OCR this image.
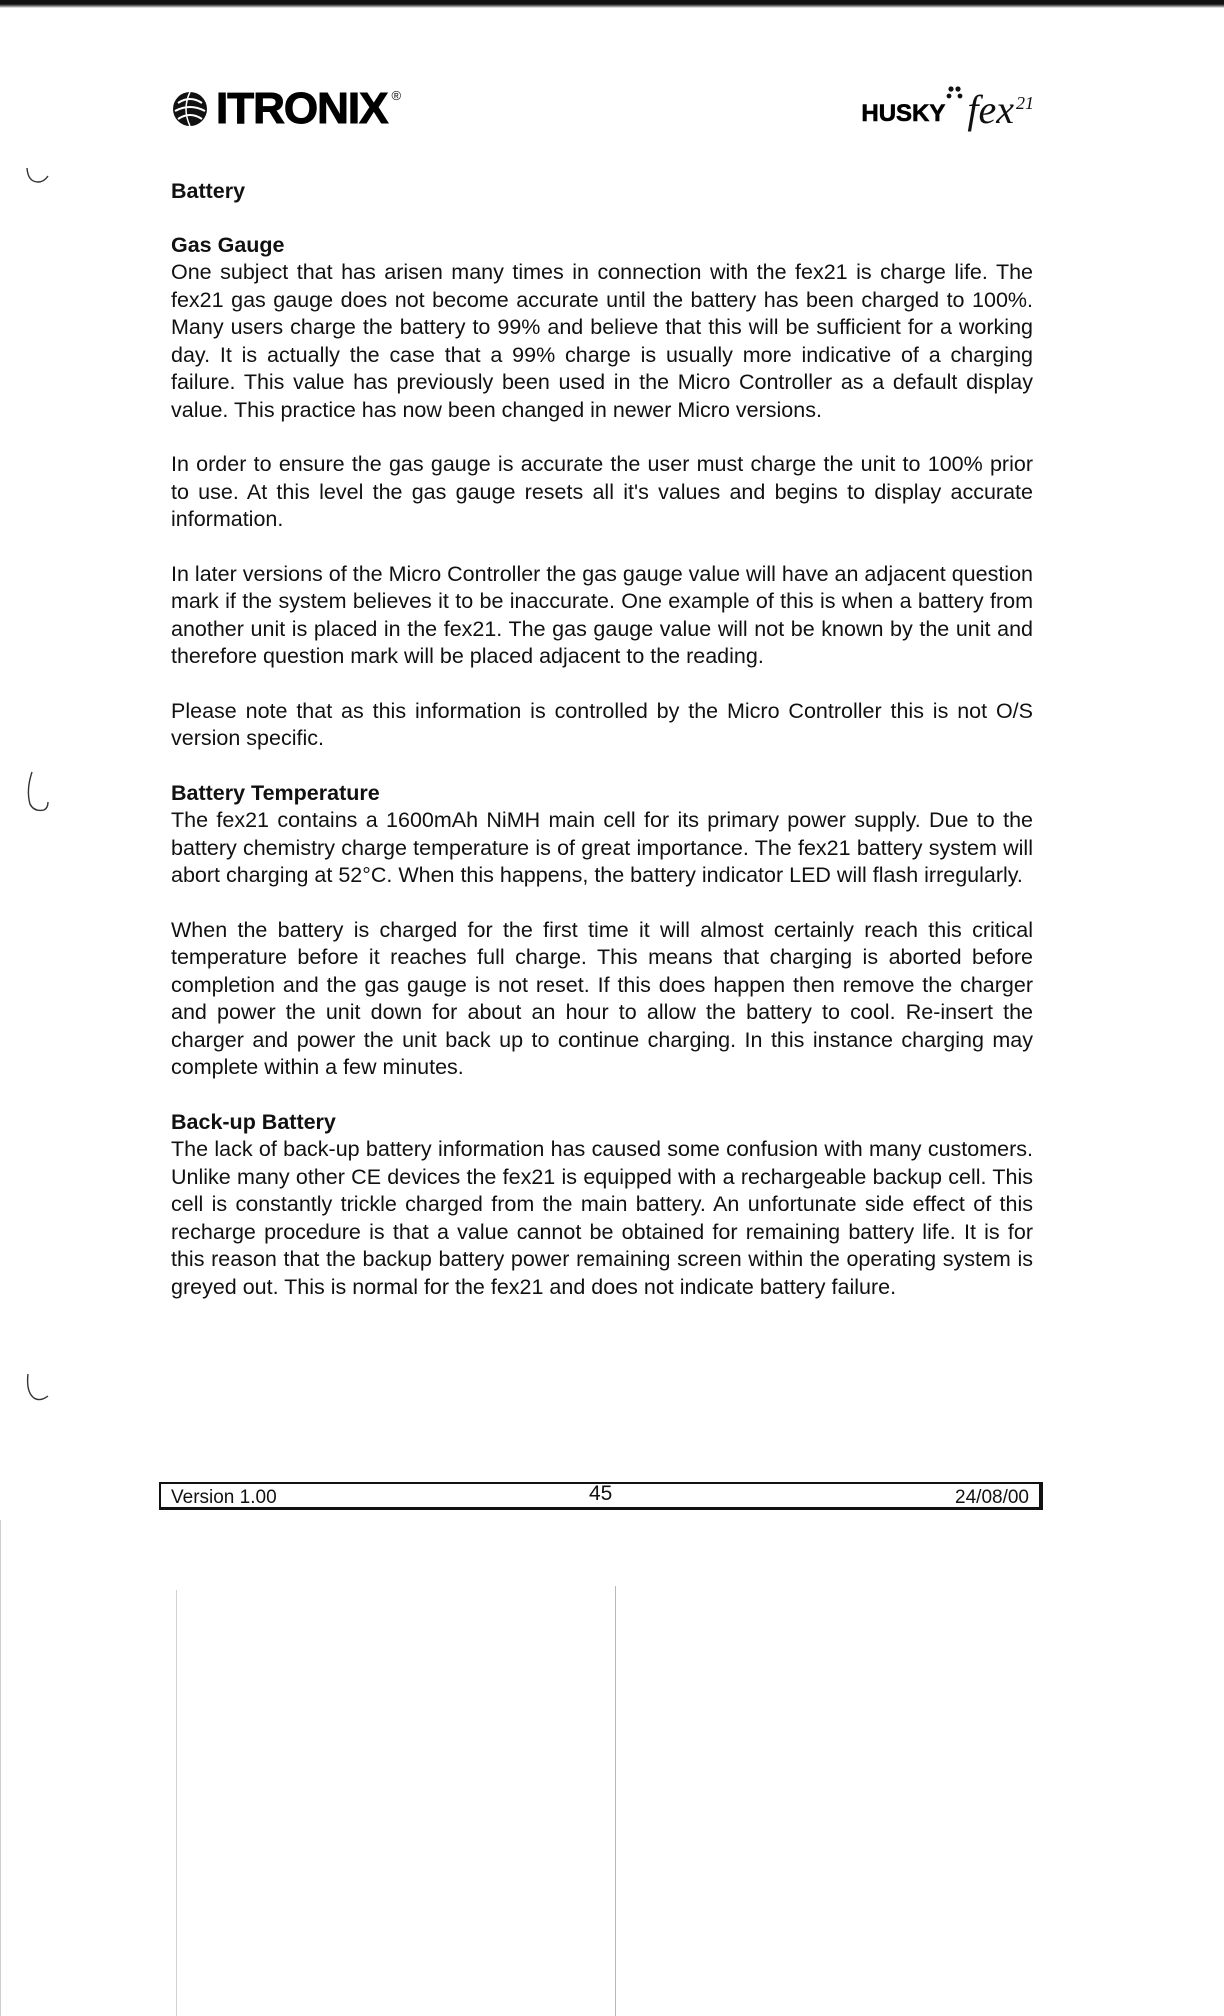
ITRONIX ®
HUSKY fex $^{21}$
Battery
Gas Gauge

One subject that has arisen many times in connection with the fex21 is charge life. The fex21 gas gauge does not become accurate until the battery has been charged to 100%. Many users charge the battery to 99% and believe that this will be sufficient for a working day. It is actually the case that a 99% charge is usually more indicative of a charging failure. This value has previously been used in the Micro Controller as a default display value. This practice has now been changed in newer Micro versions.

In order to ensure the gas gauge is accurate the user must charge the unit to 100% prior to use. At this level the gas gauge resets all it's values and begins to display accurate information.

In later versions of the Micro Controller the gas gauge value will have an adjacent question mark if the system believes it to be inaccurate. One example of this is when a battery from another unit is placed in the fex21. The gas gauge value will not be known by the unit and therefore question mark will be placed adjacent to the reading.

Please note that as this information is controlled by the Micro Controller this is not O/S version specific.

Battery Temperature

The fex21 contains a 1600mAh NiMH main cell for its primary power supply. Due to the battery chemistry charge temperature is of great importance. The fex21 battery system will abort charging at 52°C. When this happens, the battery indicator LED will flash irregularly.

When the battery is charged for the first time it will almost certainly reach this critical temperature before it reaches full charge. This means that charging is aborted before completion and the gas gauge is not reset. If this does happen then remove the charger and power the unit down for about an hour to allow the battery to cool. Re-insert the charger and power the unit back up to continue charging. In this instance charging may complete within a few minutes.

Back-up Battery

The lack of back-up battery information has caused some confusion with many customers. Unlike many other CE devices the fex21 is equipped with a rechargeable backup cell. This cell is constantly trickle charged from the main battery. An unfortunate side effect of this recharge procedure is that a value cannot be obtained for remaining battery life. It is for this reason that the backup battery power remaining screen within the operating system is greyed out. This is normal for the fex21 and does not indicate battery failure.

Version 1.00	45	24/08/00
